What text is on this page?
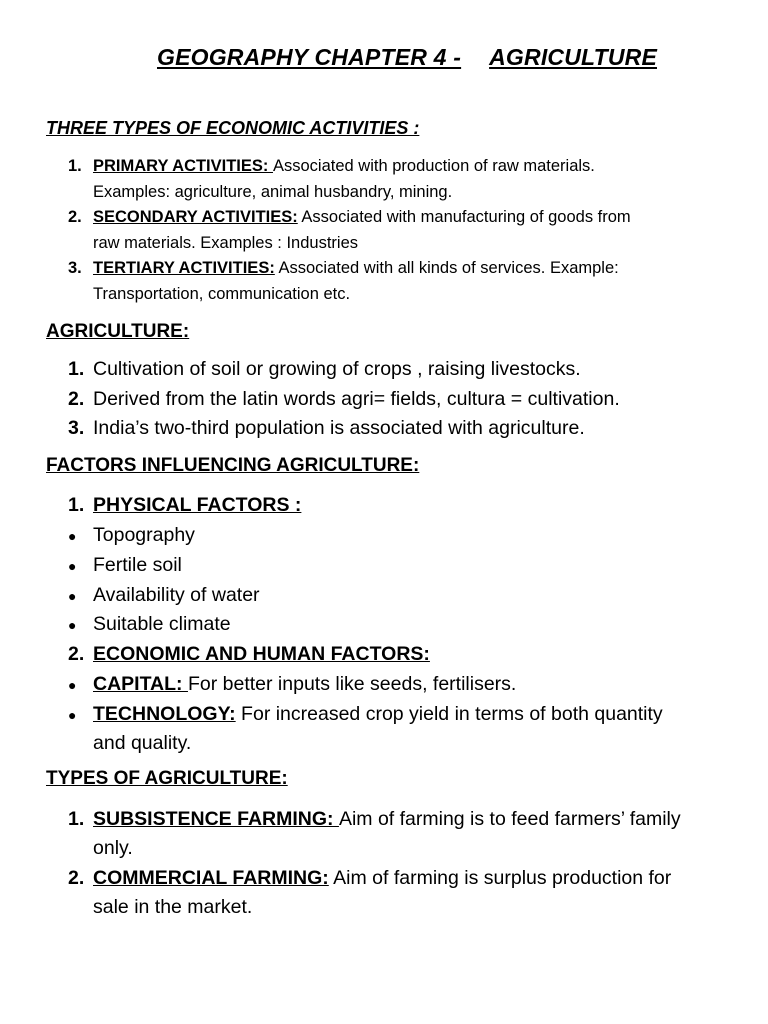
GEOGRAPHY CHAPTER 4 - AGRICULTURE
THREE TYPES OF ECONOMIC ACTIVITIES :
1. PRIMARY ACTIVITIES: Associated with production of raw materials.
Examples: agriculture, animal husbandry, mining.
2. SECONDARY ACTIVITIES: Associated with manufacturing of goods from
raw materials. Examples : Industries
3. TERTIARY ACTIVITIES: Associated with all kinds of services. Example:
Transportation, communication etc.
AGRICULTURE:
1. Cultivation of soil or growing of crops , raising livestocks.
2. Derived from the latin words agri= fields, cultura = cultivation.
3. India’s two-third population is associated with agriculture.
FACTORS INFLUENCING AGRICULTURE:
1. PHYSICAL FACTORS :
● Topography
● Fertile soil
● Availability of water
● Suitable climate
2. ECONOMIC AND HUMAN FACTORS:
● CAPITAL: For better inputs like seeds, fertilisers.
● TECHNOLOGY: For increased crop yield in terms of both quantity
and quality.
TYPES OF AGRICULTURE:
1. SUBSISTENCE FARMING: Aim of farming is to feed farmers’ family
only.
2. COMMERCIAL FARMING: Aim of farming is surplus production for
sale in the market.
